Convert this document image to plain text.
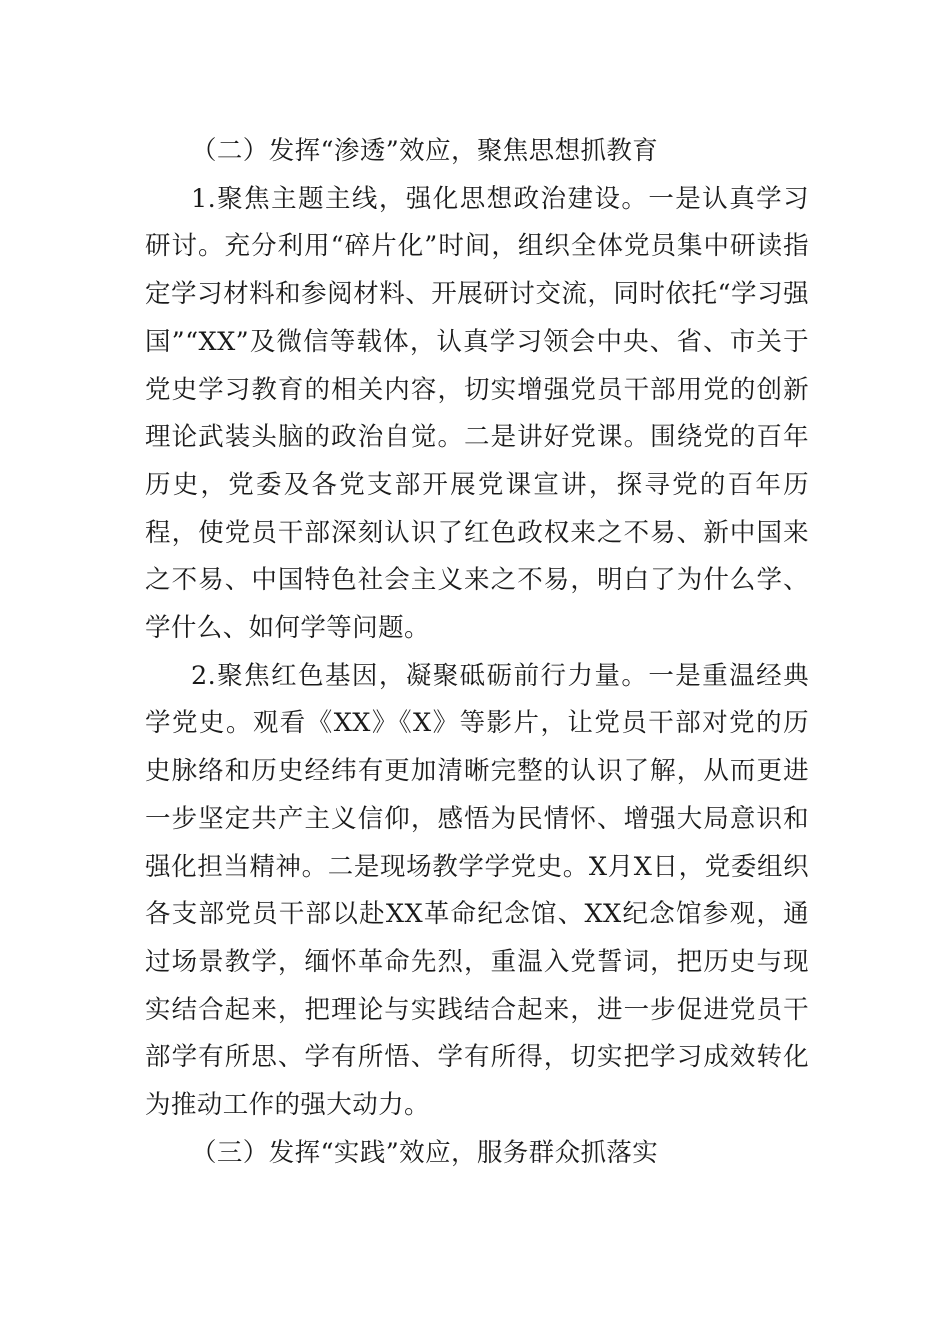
（二）发挥“渗透”效应，聚焦思想抓教育

1.聚焦主题主线，强化思想政治建设。一是认真学习研讨。充分利用“碎片化”时间，组织全体党员集中研读指定学习材料和参阅材料、开展研讨交流，同时依托“学习强国”“XX”及微信等载体，认真学习领会中央、省、市关于党史学习教育的相关内容，切实增强党员干部用党的创新理论武装头脑的政治自觉。二是讲好党课。围绕党的百年历史，党委及各党支部开展党课宣讲，探寻党的百年历程，使党员干部深刻认识了红色政权来之不易、新中国来之不易、中国特色社会主义来之不易，明白了为什么学、学什么、如何学等问题。

2.聚焦红色基因，凝聚砥砺前行力量。一是重温经典学党史。观看《XX》《X》等影片，让党员干部对党的历史脉络和历史经纬有更加清晰完整的认识了解，从而更进一步坚定共产主义信仰，感悟为民情怀、增强大局意识和强化担当精神。二是现场教学学党史。X月X日，党委组织各支部党员干部以赴XX革命纪念馆、XX纪念馆参观，通过场景教学，缅怀革命先烈，重温入党誓词，把历史与现实结合起来，把理论与实践结合起来，进一步促进党员干部学有所思、学有所悟、学有所得，切实把学习成效转化为推动工作的强大动力。

（三）发挥“实践”效应，服务群众抓落实
